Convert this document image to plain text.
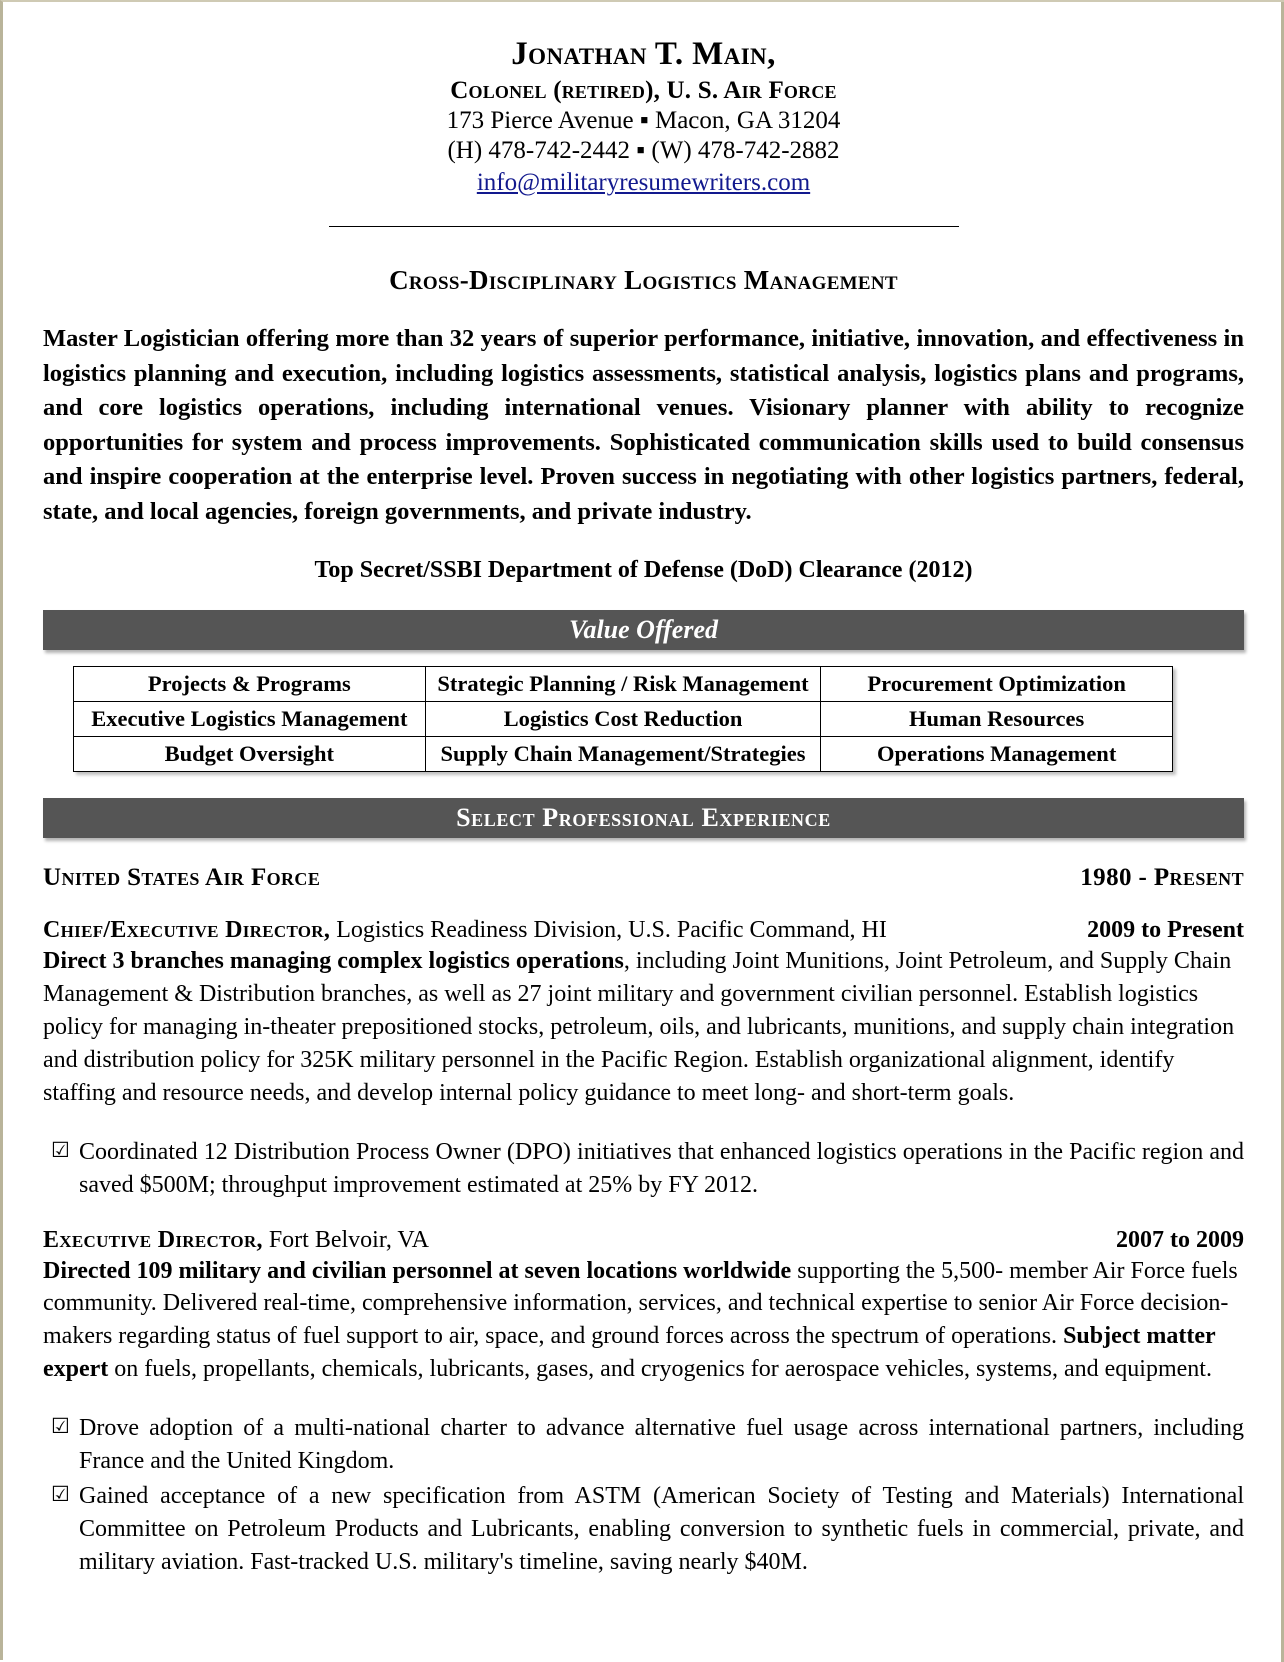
Jonathan T. Main,
Colonel (retired), U. S. Air Force
173 Pierce Avenue ▪ Macon, GA 31204
(H) 478-742-2442 ▪ (W) 478-742-2882
info@militaryresumewriters.com
Cross-Disciplinary Logistics Management
Master Logistician offering more than 32 years of superior performance, initiative, innovation, and effectiveness in logistics planning and execution, including logistics assessments, statistical analysis, logistics plans and programs, and core logistics operations, including international venues. Visionary planner with ability to recognize opportunities for system and process improvements. Sophisticated communication skills used to build consensus and inspire cooperation at the enterprise level. Proven success in negotiating with other logistics partners, federal, state, and local agencies, foreign governments, and private industry.
Top Secret/SSBI Department of Defense (DoD) Clearance (2012)
Value Offered
Projects & Programs	Strategic Planning / Risk Management	Procurement Optimization
Executive Logistics Management	Logistics Cost Reduction	Human Resources
Budget Oversight	Supply Chain Management/Strategies	Operations Management
Select Professional Experience
United States Air Force	1980 - Present
Chief/Executive Director, Logistics Readiness Division, U.S. Pacific Command, HI	2009 to Present
Direct 3 branches managing complex logistics operations, including Joint Munitions, Joint Petroleum, and Supply Chain Management & Distribution branches, as well as 27 joint military and government civilian personnel. Establish logistics policy for managing in-theater prepositioned stocks, petroleum, oils, and lubricants, munitions, and supply chain integration and distribution policy for 325K military personnel in the Pacific Region. Establish organizational alignment, identify staffing and resource needs, and develop internal policy guidance to meet long- and short-term goals.
☑ Coordinated 12 Distribution Process Owner (DPO) initiatives that enhanced logistics operations in the Pacific region and saved $500M; throughput improvement estimated at 25% by FY 2012.
Executive Director, Fort Belvoir, VA	2007 to 2009
Directed 109 military and civilian personnel at seven locations worldwide supporting the 5,500- member Air Force fuels community. Delivered real-time, comprehensive information, services, and technical expertise to senior Air Force decision-makers regarding status of fuel support to air, space, and ground forces across the spectrum of operations. Subject matter expert on fuels, propellants, chemicals, lubricants, gases, and cryogenics for aerospace vehicles, systems, and equipment.
☑ Drove adoption of a multi-national charter to advance alternative fuel usage across international partners, including France and the United Kingdom.
☑ Gained acceptance of a new specification from ASTM (American Society of Testing and Materials) International Committee on Petroleum Products and Lubricants, enabling conversion to synthetic fuels in commercial, private, and military aviation. Fast-tracked U.S. military's timeline, saving nearly $40M.
